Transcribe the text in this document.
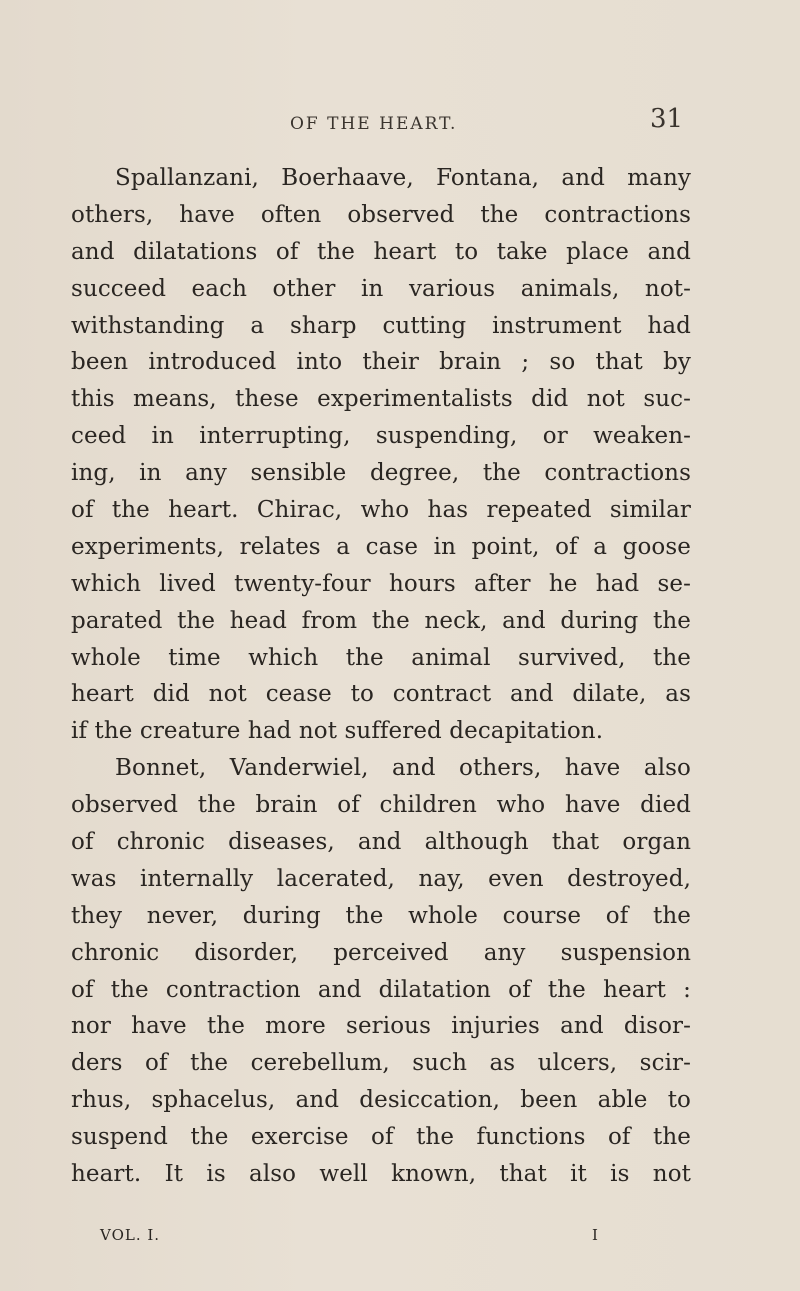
OF THE HEART.	31
Spallanzani, Boerhaave, Fontana, and many
others, have often observed the contractions
and dilatations of the heart to take place and
succeed each other in various animals, not-
withstanding a sharp cutting instrument had
been introduced into their brain ; so that by
this means, these experimentalists did not suc-
ceed in interrupting, suspending, or weaken-
ing, in any sensible degree, the contractions
of the heart. Chirac, who has repeated similar
experiments, relates a case in point, of a goose
which lived twenty-four hours after he had se-
parated the head from the neck, and during the
whole time which the animal survived, the
heart did not cease to contract and dilate, as
if the creature had not suffered decapitation.
Bonnet, Vanderwiel, and others, have also
observed the brain of children who have died
of chronic diseases, and although that organ
was internally lacerated, nay, even destroyed,
they never, during the whole course of the
chronic disorder, perceived any suspension
of the contraction and dilatation of the heart :
nor have the more serious injuries and disor-
ders of the cerebellum, such as ulcers, scir-
rhus, sphacelus, and desiccation, been able to
suspend the exercise of the functions of the
heart. It is also well known, that it is not
VOL. I.	I
